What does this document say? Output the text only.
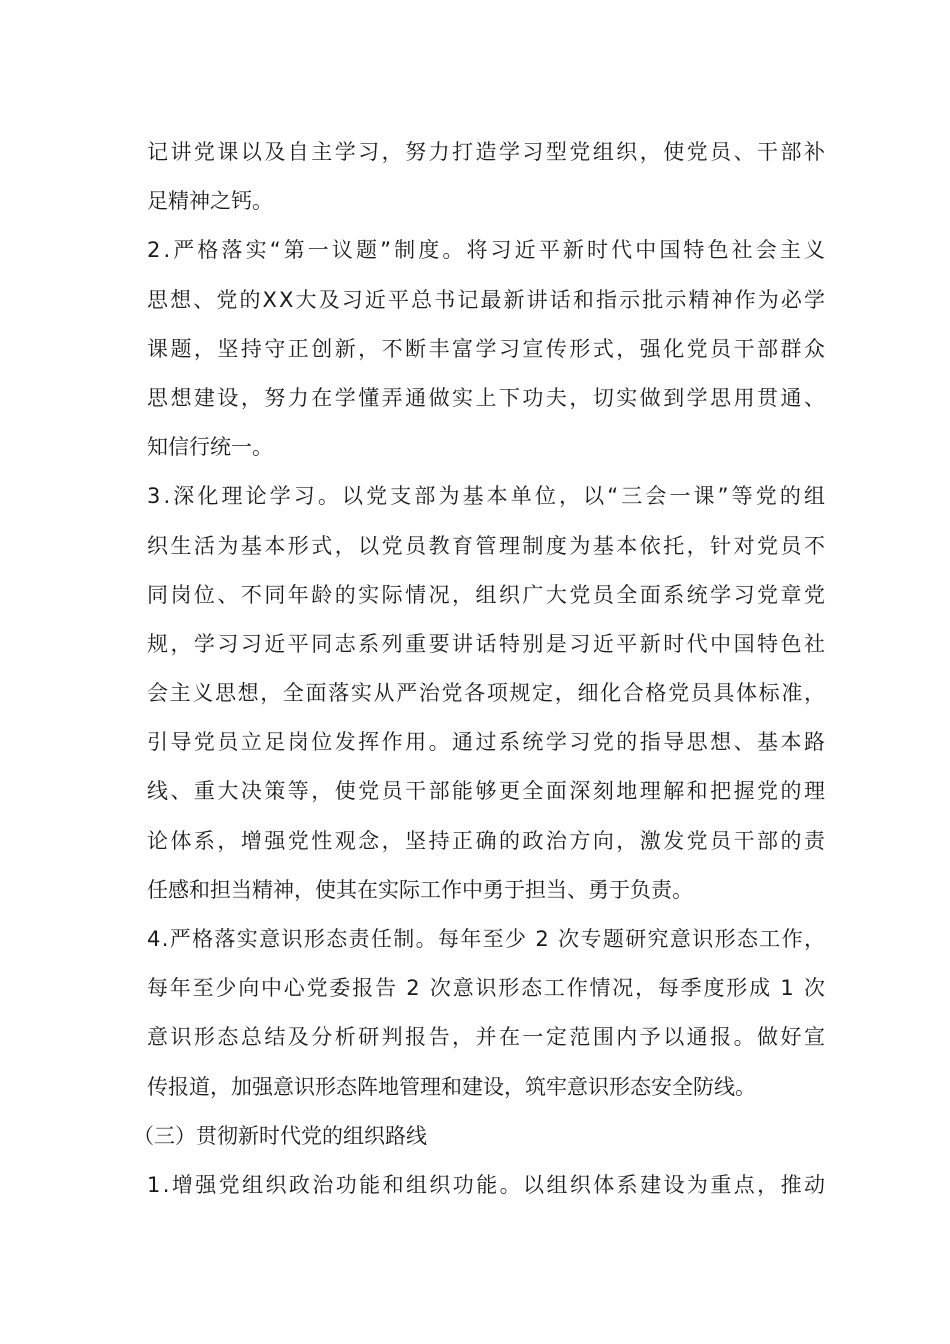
记讲党课以及自主学习，努力打造学习型党组织，使党员、干部补
足精神之钙。
2.严格落实“第一议题”制度。将习近平新时代中国特色社会主义
思想、党的XX大及习近平总书记最新讲话和指示批示精神作为必学
课题，坚持守正创新，不断丰富学习宣传形式，强化党员干部群众
思想建设，努力在学懂弄通做实上下功夫，切实做到学思用贯通、
知信行统一。
3.深化理论学习。以党支部为基本单位，以“三会一课”等党的组
织生活为基本形式，以党员教育管理制度为基本依托，针对党员不
同岗位、不同年龄的实际情况，组织广大党员全面系统学习党章党
规，学习习近平同志系列重要讲话特别是习近平新时代中国特色社
会主义思想，全面落实从严治党各项规定，细化合格党员具体标准，
引导党员立足岗位发挥作用。通过系统学习党的指导思想、基本路
线、重大决策等，使党员干部能够更全面深刻地理解和把握党的理
论体系，增强党性观念，坚持正确的政治方向，激发党员干部的责
任感和担当精神，使其在实际工作中勇于担当、勇于负责。
4.严格落实意识形态责任制。每年至少 2 次专题研究意识形态工作，
每年至少向中心党委报告 2 次意识形态工作情况，每季度形成 1 次
意识形态总结及分析研判报告，并在一定范围内予以通报。做好宣
传报道，加强意识形态阵地管理和建设，筑牢意识形态安全防线。
（三）贯彻新时代党的组织路线
1.增强党组织政治功能和组织功能。以组织体系建设为重点，推动
